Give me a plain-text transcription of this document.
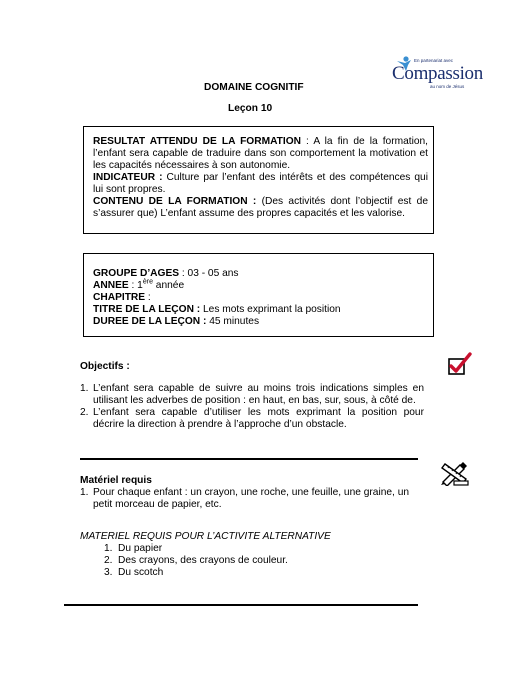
DOMAINE COGNITIF
Leçon 10
En partenariat avec
Compassion
au nom de Jésus
RESULTAT ATTENDU DE LA FORMATION : A la fin de la formation, l’enfant sera capable de traduire dans son comportement la motivation et les capacités nécessaires à son autonomie.
INDICATEUR : Culture par l’enfant des intérêts et des compétences qui lui sont propres.
CONTENU DE LA FORMATION : (Des activités dont l’objectif est de s’assurer que) L’enfant assume des propres capacités et les valorise.
GROUPE D’AGES : 03 - 05 ans
ANNEE : 1ère année
CHAPITRE :
TITRE DE LA LEÇON : Les mots exprimant la position
DUREE DE LA LEÇON : 45 minutes
Objectifs :
1. L’enfant sera capable de suivre au moins trois indications simples en utilisant les adverbes de position : en haut, en bas, sur, sous, à côté de.
2. L’enfant sera capable d’utiliser les mots exprimant la position pour décrire la direction à prendre à l’approche d’un obstacle.
Matériel requis
1. Pour chaque enfant : un crayon, une roche, une feuille, une graine, un petit morceau de papier, etc.
MATERIEL REQUIS POUR L’ACTIVITE ALTERNATIVE
1. Du papier
2. Des crayons, des crayons de couleur.
3. Du scotch
